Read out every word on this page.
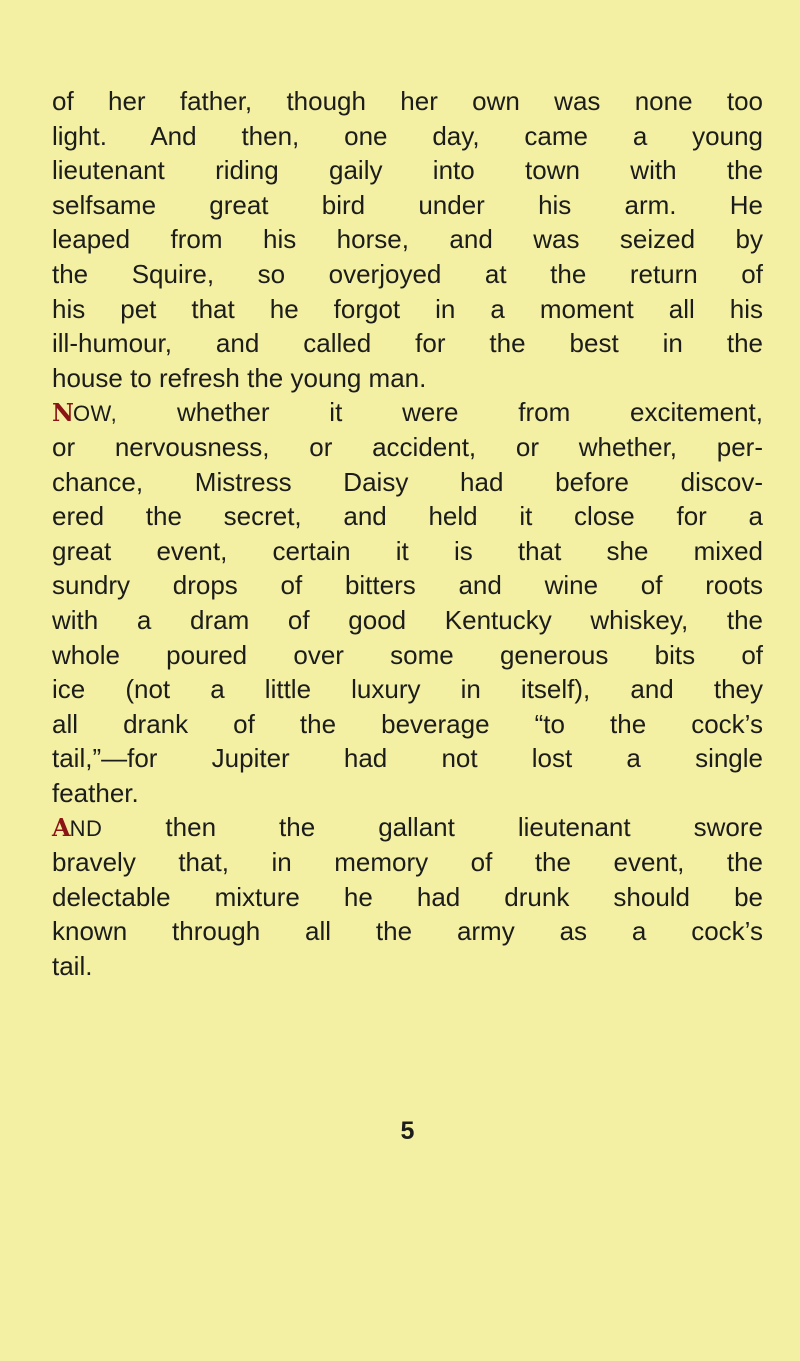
of her father, though her own was none too
light. And then, one day, came a young
lieutenant riding gaily into town with the
selfsame great bird under his arm. He
leaped from his horse, and was seized by
the Squire, so overjoyed at the return of
his pet that he forgot in a moment all his
ill-humour, and called for the best in the
house to refresh the young man.
NOW, whether it were from excitement,
or nervousness, or accident, or whether, per-
chance, Mistress Daisy had before discov-
ered the secret, and held it close for a
great event, certain it is that she mixed
sundry drops of bitters and wine of roots
with a dram of good Kentucky whiskey, the
whole poured over some generous bits of
ice (not a little luxury in itself), and they
all drank of the beverage “to the cock’s
tail,”—for Jupiter had not lost a single
feather.
AND then the gallant lieutenant swore
bravely that, in memory of the event, the
delectable mixture he had drunk should be
known through all the army as a cock’s
tail.
5
